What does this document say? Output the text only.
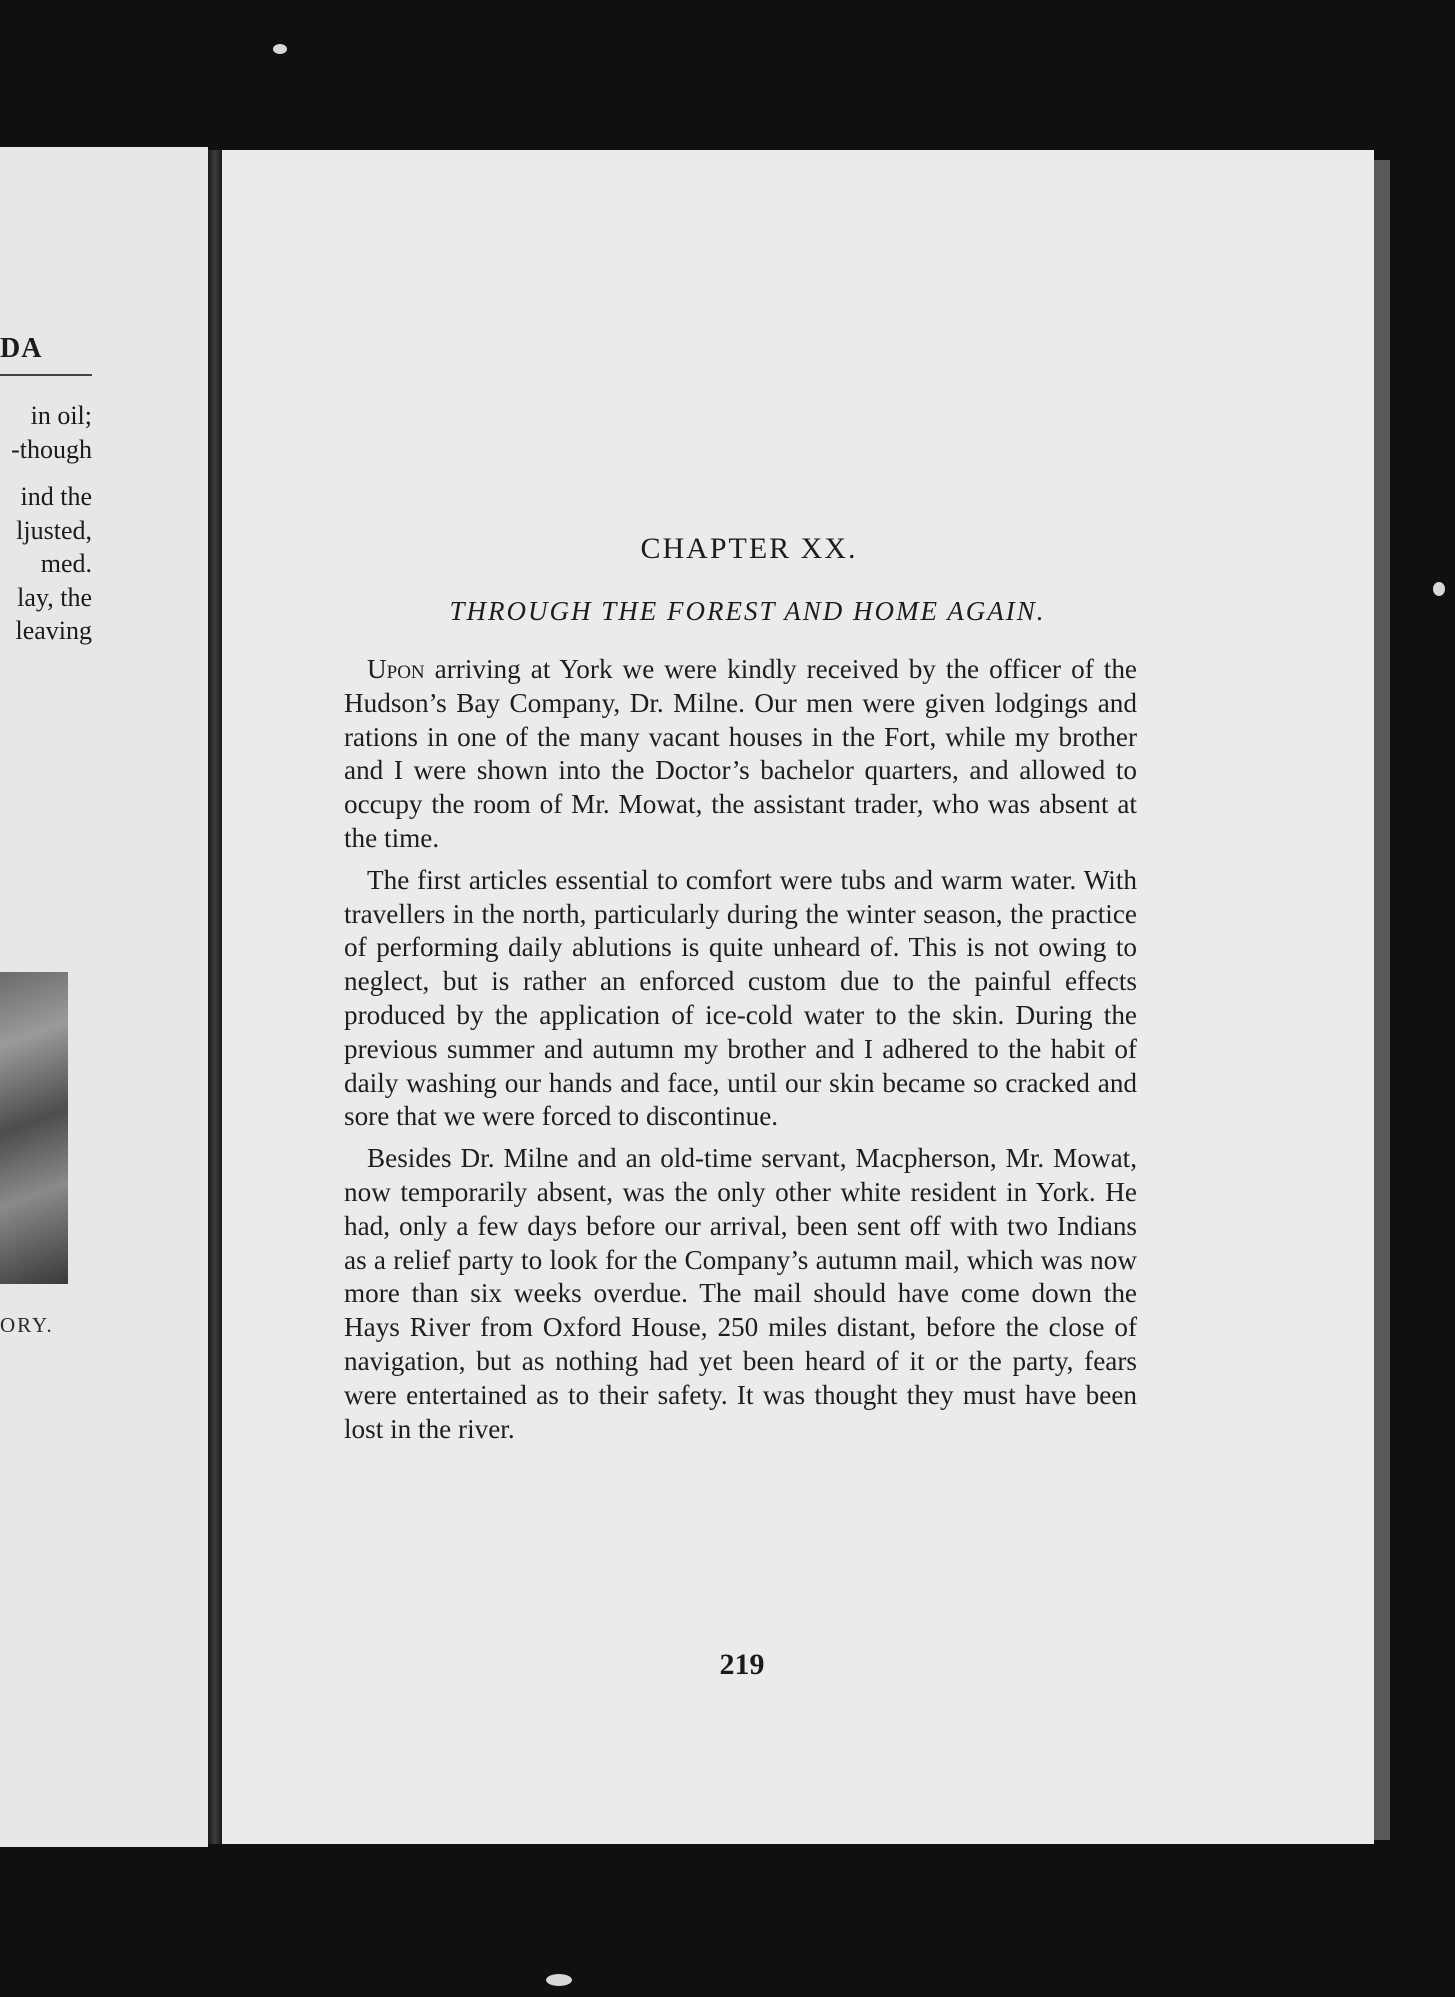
DA
in oil;
-though
ind the
ljusted,
med.
lay, the
leaving
ORY.
CHAPTER XX.
THROUGH THE FOREST AND HOME AGAIN.

Upon arriving at York we were kindly received by the officer of the Hudson’s Bay Company, Dr. Milne. Our men were given lodgings and rations in one of the many vacant houses in the Fort, while my brother and I were shown into the Doctor’s bachelor quarters, and allowed to occupy the room of Mr. Mowat, the assistant trader, who was absent at the time.

The first articles essential to comfort were tubs and warm water. With travellers in the north, particularly during the winter season, the practice of performing daily ablutions is quite unheard of. This is not owing to neglect, but is rather an enforced custom due to the painful effects produced by the application of ice-cold water to the skin. During the previous summer and autumn my brother and I adhered to the habit of daily washing our hands and face, until our skin became so cracked and sore that we were forced to discontinue.

Besides Dr. Milne and an old-time servant, Macpherson, Mr. Mowat, now temporarily absent, was the only other white resident in York. He had, only a few days before our arrival, been sent off with two Indians as a relief party to look for the Company’s autumn mail, which was now more than six weeks overdue. The mail should have come down the Hays River from Oxford House, 250 miles distant, before the close of navigation, but as nothing had yet been heard of it or the party, fears were entertained as to their safety. It was thought they must have been lost in the river.

219
